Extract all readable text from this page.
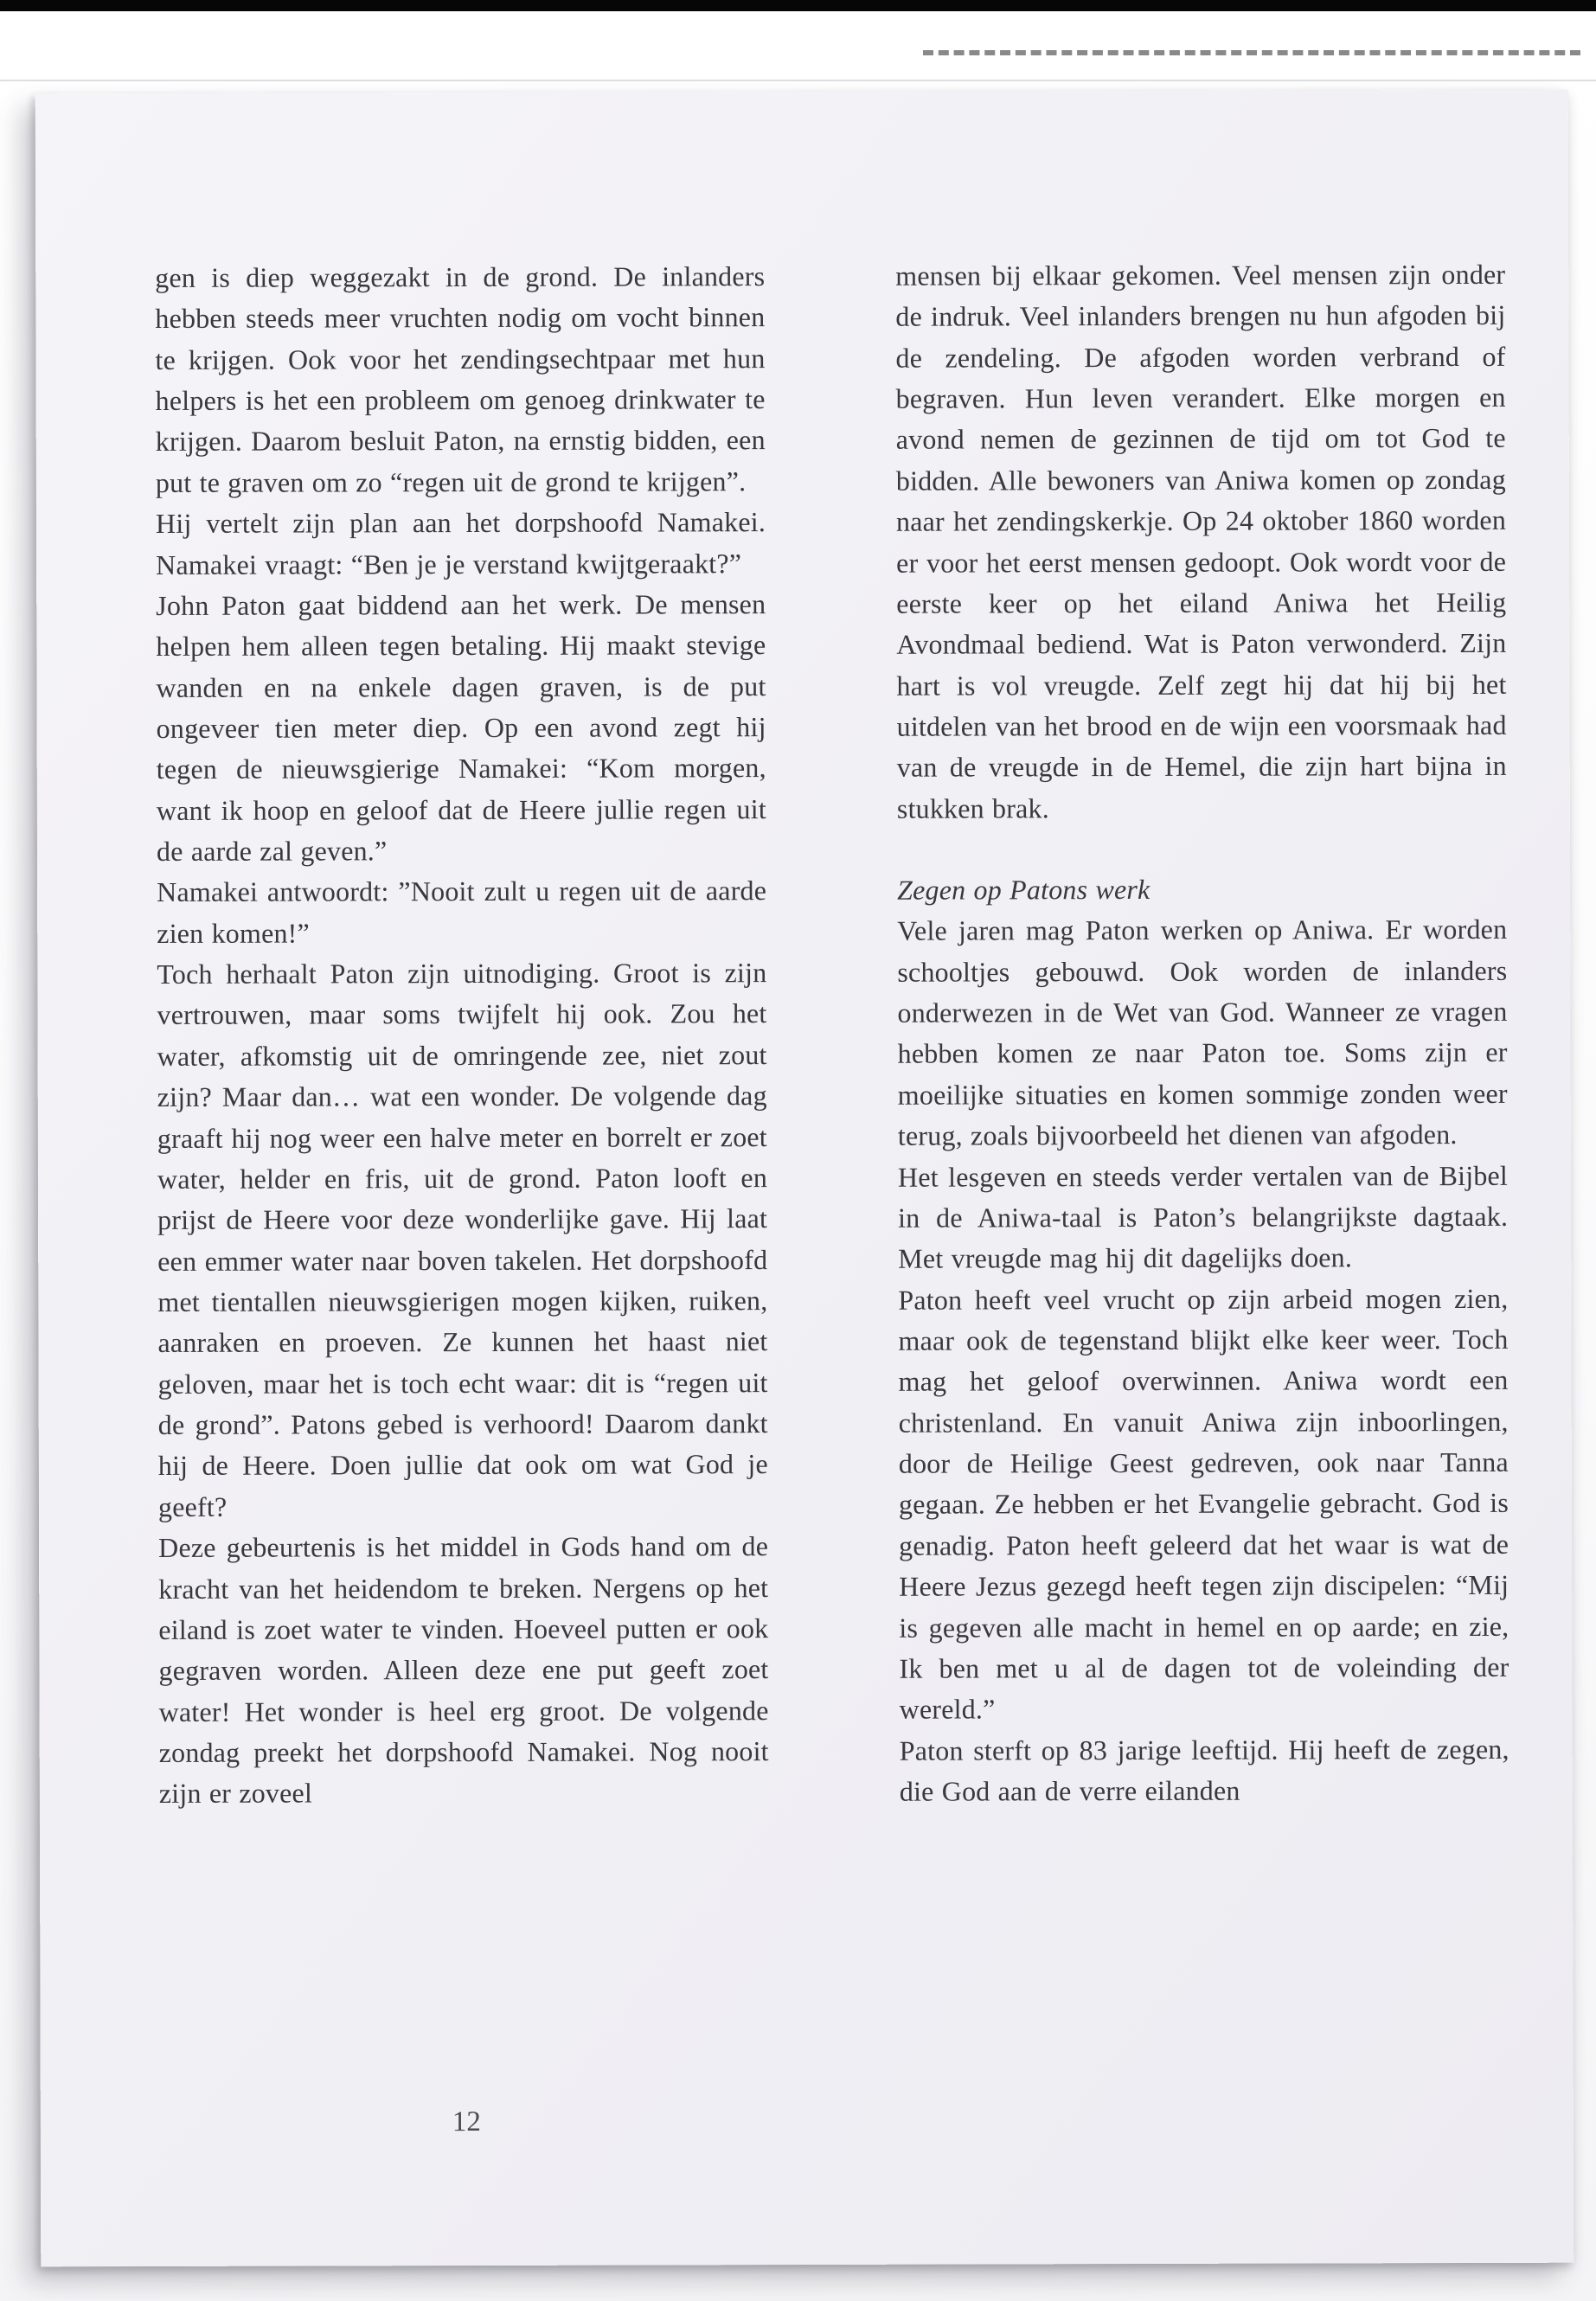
gen is diep weggezakt in de grond. De inlanders hebben steeds meer vruchten nodig om vocht binnen te krijgen. Ook voor het zendingsechtpaar met hun helpers is het een probleem om genoeg drinkwater te krijgen. Daarom besluit Paton, na ernstig bidden, een put te graven om zo “regen uit de grond te krijgen”.

Hij vertelt zijn plan aan het dorpshoofd Namakei. Namakei vraagt: “Ben je je verstand kwijtgeraakt?”

John Paton gaat biddend aan het werk. De mensen helpen hem alleen tegen betaling. Hij maakt stevige wanden en na enkele dagen graven, is de put ongeveer tien meter diep. Op een avond zegt hij tegen de nieuwsgierige Namakei: “Kom morgen, want ik hoop en geloof dat de Heere jullie regen uit de aarde zal geven.”

Namakei antwoordt: ”Nooit zult u regen uit de aarde zien komen!”

Toch herhaalt Paton zijn uitnodiging. Groot is zijn vertrouwen, maar soms twijfelt hij ook. Zou het water, afkomstig uit de omringende zee, niet zout zijn? Maar dan… wat een wonder. De volgende dag graaft hij nog weer een halve meter en borrelt er zoet water, helder en fris, uit de grond. Paton looft en prijst de Heere voor deze wonderlijke gave. Hij laat een emmer water naar boven takelen. Het dorpshoofd met tientallen nieuwsgierigen mogen kijken, ruiken, aanraken en proeven. Ze kunnen het haast niet geloven, maar het is toch echt waar: dit is “regen uit de grond”. Patons gebed is verhoord! Daarom dankt hij de Heere. Doen jullie dat ook om wat God je geeft?

Deze gebeurtenis is het middel in Gods hand om de kracht van het heidendom te breken. Nergens op het eiland is zoet water te vinden. Hoeveel putten er ook gegraven worden. Alleen deze ene put geeft zoet water! Het wonder is heel erg groot. De volgende zondag preekt het dorpshoofd Namakei. Nog nooit zijn er zoveel

mensen bij elkaar gekomen. Veel mensen zijn onder de indruk. Veel inlanders brengen nu hun afgoden bij de zendeling. De afgoden worden verbrand of begraven. Hun leven verandert. Elke morgen en avond nemen de gezinnen de tijd om tot God te bidden. Alle bewoners van Aniwa komen op zondag naar het zendingskerkje. Op 24 oktober 1860 worden er voor het eerst mensen gedoopt. Ook wordt voor de eerste keer op het eiland Aniwa het Heilig Avondmaal bediend. Wat is Paton verwonderd. Zijn hart is vol vreugde. Zelf zegt hij dat hij bij het uitdelen van het brood en de wijn een voorsmaak had van de vreugde in de Hemel, die zijn hart bijna in stukken brak.

Zegen op Patons werk

Vele jaren mag Paton werken op Aniwa. Er worden schooltjes gebouwd. Ook worden de inlanders onderwezen in de Wet van God. Wanneer ze vragen hebben komen ze naar Paton toe. Soms zijn er moeilijke situaties en komen sommige zonden weer terug, zoals bijvoorbeeld het dienen van afgoden.

Het lesgeven en steeds verder vertalen van de Bijbel in de Aniwa-taal is Paton’s belangrijkste dagtaak. Met vreugde mag hij dit dagelijks doen.

Paton heeft veel vrucht op zijn arbeid mogen zien, maar ook de tegenstand blijkt elke keer weer. Toch mag het geloof overwinnen. Aniwa wordt een christenland. En vanuit Aniwa zijn inboorlingen, door de Heilige Geest gedreven, ook naar Tanna gegaan. Ze hebben er het Evangelie gebracht. God is genadig. Paton heeft geleerd dat het waar is wat de Heere Jezus gezegd heeft tegen zijn discipelen: “Mij is gegeven alle macht in hemel en op aarde; en zie, Ik ben met u al de dagen tot de voleinding der wereld.”

Paton sterft op 83 jarige leeftijd. Hij heeft de zegen, die God aan de verre eilanden

12
